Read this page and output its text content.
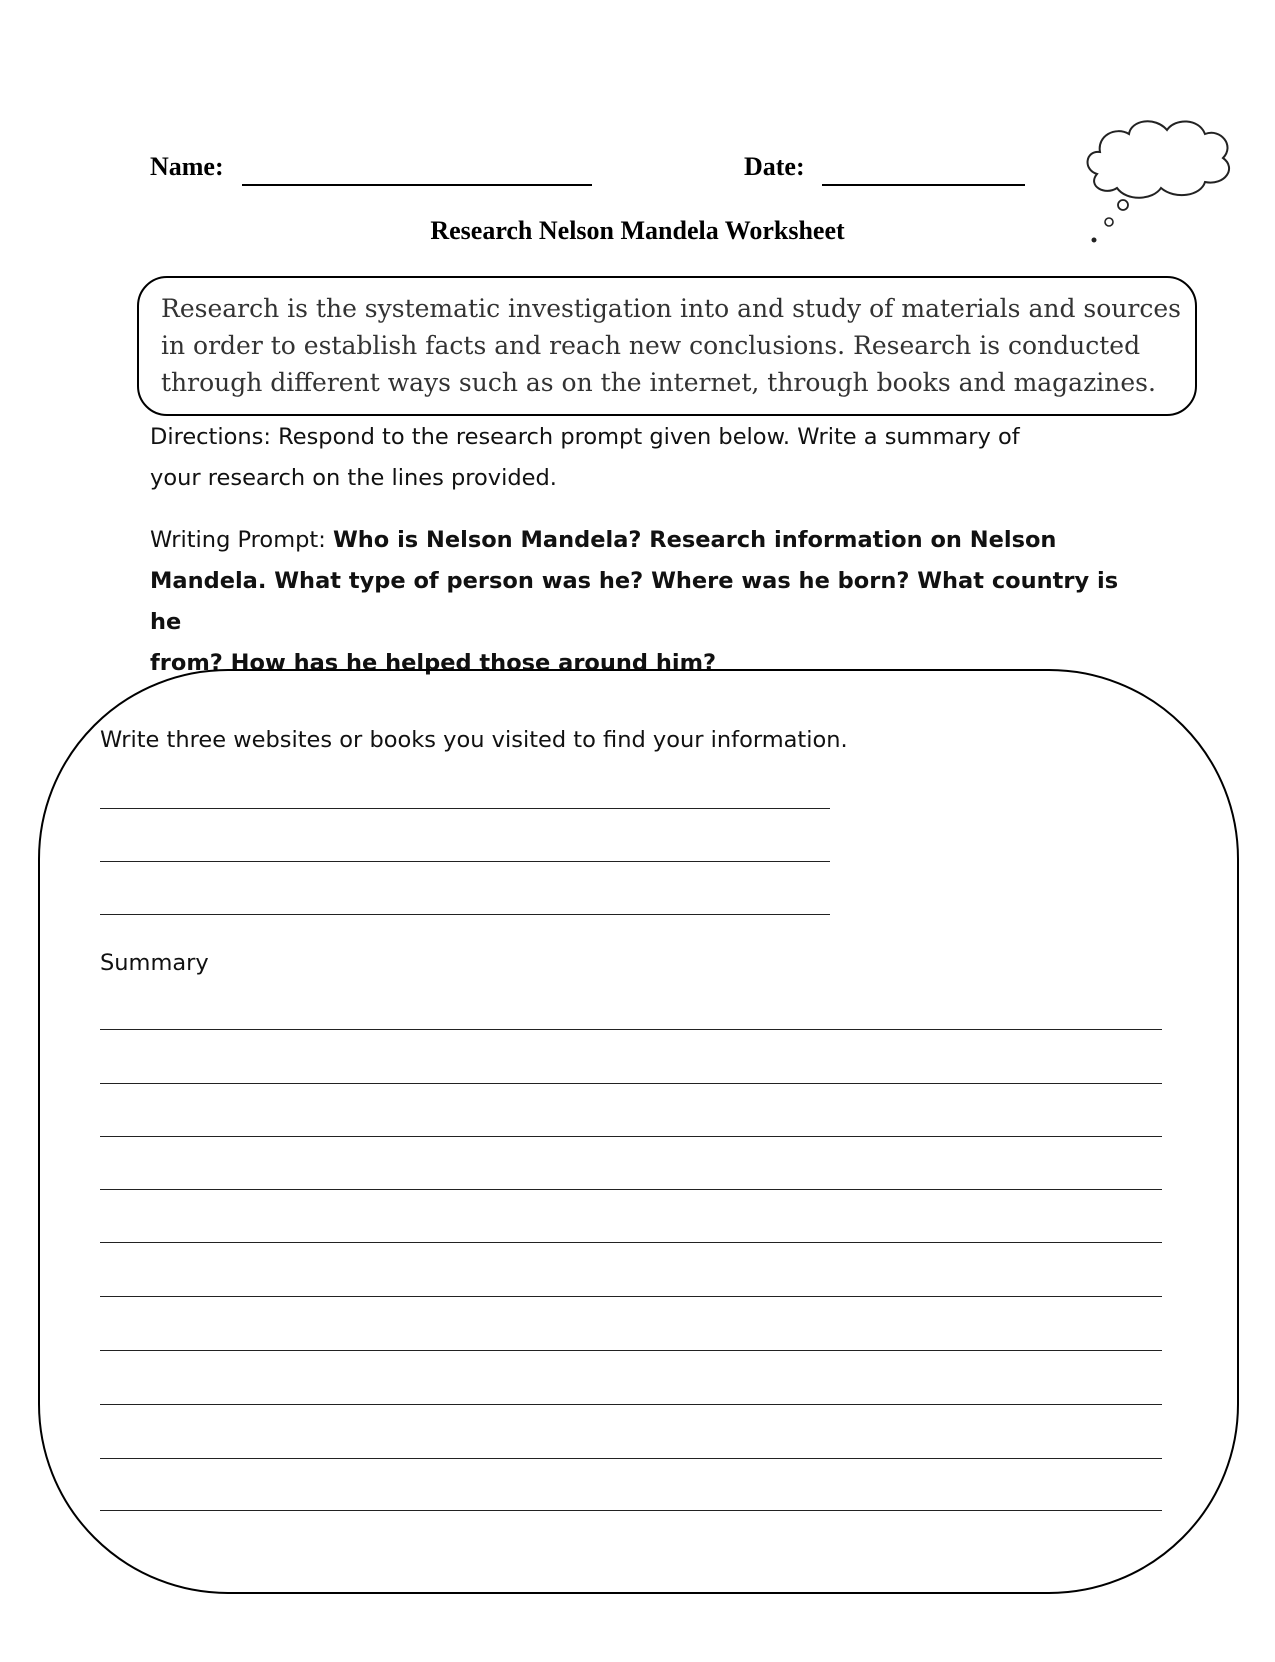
Name:	Date:
Research Nelson Mandela Worksheet
Research is the systematic investigation into and study of materials and sources in order to establish facts and reach new conclusions. Research is conducted through different ways such as on the internet, through books and magazines.
Directions: Respond to the research prompt given below. Write a summary of
your research on the lines provided.
Writing Prompt: Who is Nelson Mandela? Research information on Nelson
Mandela. What type of person was he? Where was he born? What country is he
from? How has he helped those around him?
Write three websites or books you visited to find your information.
Summary
